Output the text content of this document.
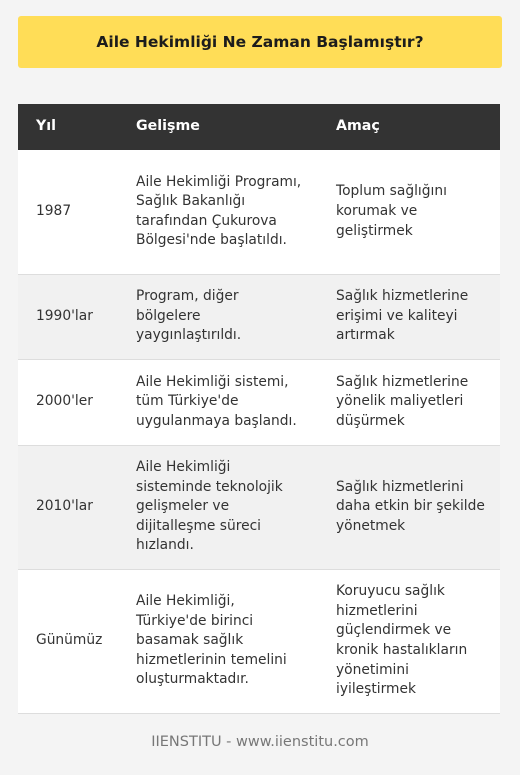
Aile Hekimliği Ne Zaman Başlamıştır?
Yıl	Gelişme	Amaç
1987	Aile Hekimliği Programı, Sağlık Bakanlığı tarafından Çukurova Bölgesi'nde başlatıldı.	Toplum sağlığını korumak ve geliştirmek
1990'lar	Program, diğer bölgelere yaygınlaştırıldı.	Sağlık hizmetlerine erişimi ve kaliteyi artırmak
2000'ler	Aile Hekimliği sistemi, tüm Türkiye'de uygulanmaya başlandı.	Sağlık hizmetlerine yönelik maliyetleri düşürmek
2010'lar	Aile Hekimliği sisteminde teknolojik gelişmeler ve dijitalleşme süreci hızlandı.	Sağlık hizmetlerini daha etkin bir şekilde yönetmek
Günümüz	Aile Hekimliği, Türkiye'de birinci basamak sağlık hizmetlerinin temelini oluşturmaktadır.	Koruyucu sağlık hizmetlerini güçlendirmek ve kronik hastalıkların yönetimini iyileştirmek
IIENSTITU - www.iienstitu.com
